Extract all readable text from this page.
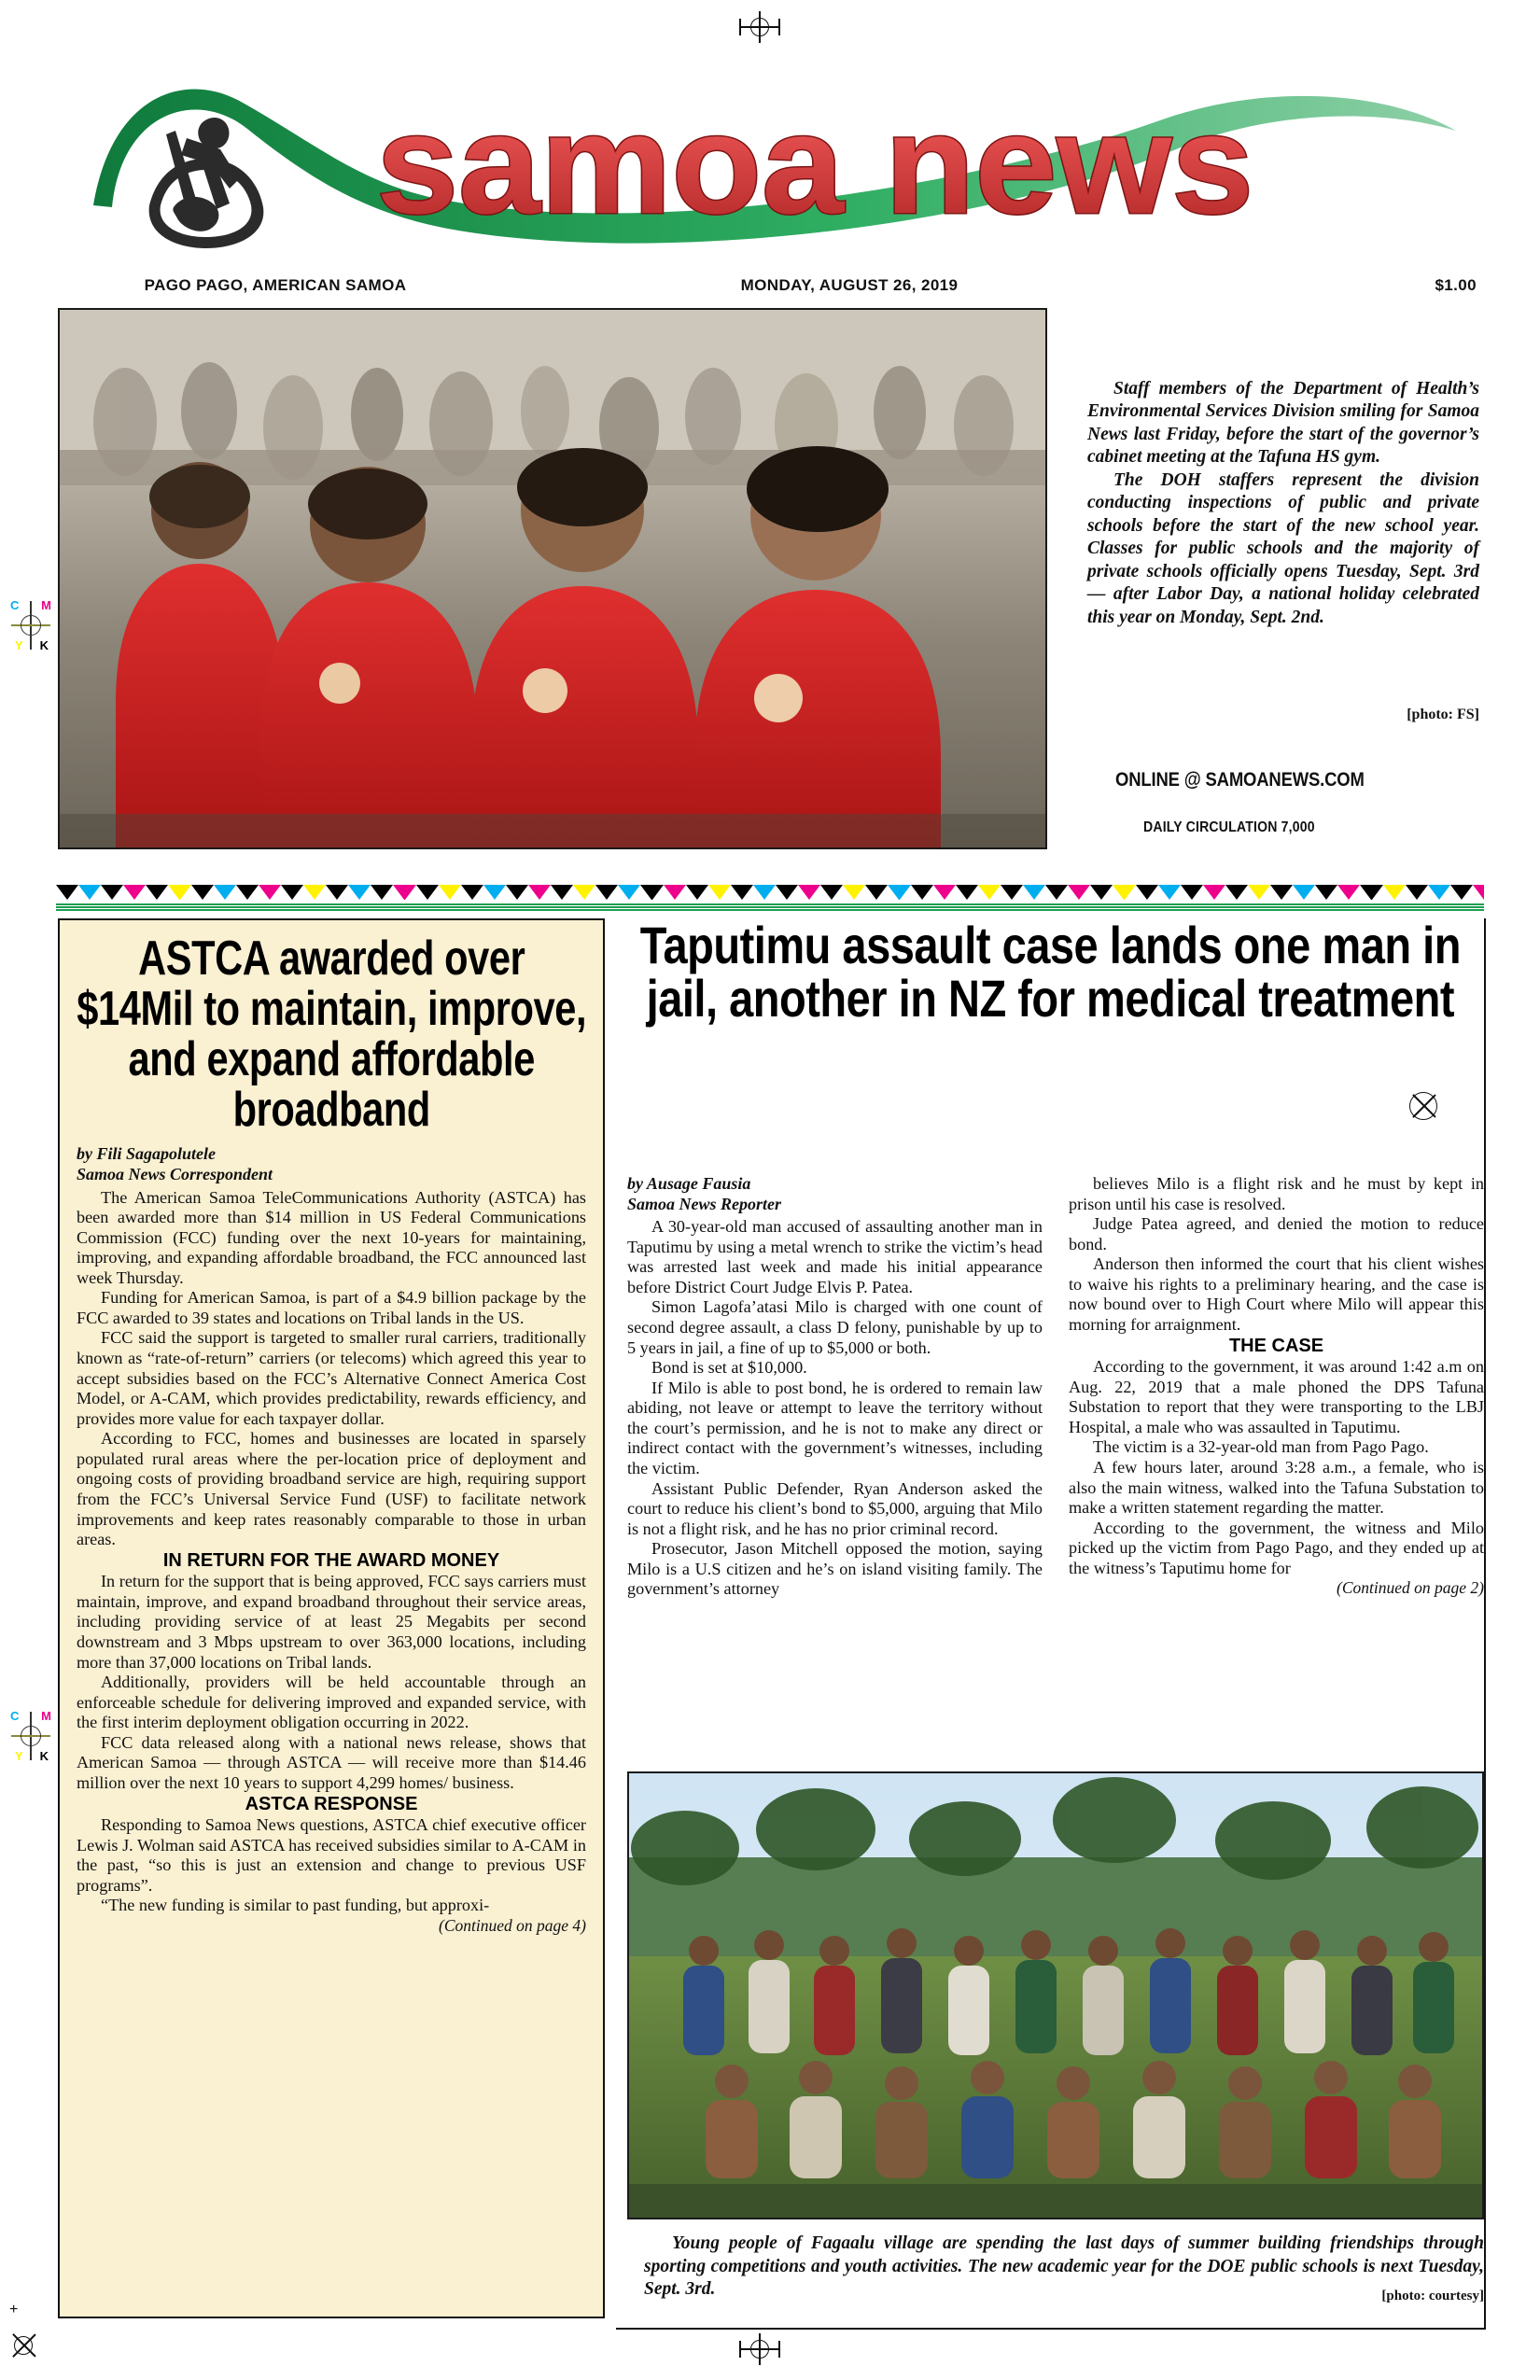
C M
Y K
C M
Y K
+
samoa news
PAGO PAGO, AMERICAN SAMOA	MONDAY, AUGUST 26, 2019	$1.00

Staff members of the Department of Health’s Environmental Services Division smiling for Samoa News last Friday, before the start of the governor’s cabinet meeting at the Tafuna HS gym.

The DOH staffers represent the division conducting inspections of public and private schools before the start of the new school year. Classes for public schools and the majority of private schools officially opens Tuesday, Sept. 3rd — after Labor Day, a national holiday celebrated this year on Monday, Sept. 2nd.

[photo: FS]
ONLINE @ SAMOANEWS.COM
DAILY CIRCULATION 7,000
ASTCA awarded over $14Mil to maintain, improve, and expand affordable broadband
by Fili Sagapolutele
Samoa News Correspondent

The American Samoa TeleCommunications Authority (ASTCA) has been awarded more than $14 million in US Federal Communications Commission (FCC) funding over the next 10-years for maintaining, improving, and expanding affordable broadband, the FCC announced last week Thursday.

Funding for American Samoa, is part of a $4.9 billion package by the FCC awarded to 39 states and locations on Tribal lands in the US.

FCC said the support is targeted to smaller rural carriers, traditionally known as “rate-of-return” carriers (or telecoms) which agreed this year to accept subsidies based on the FCC’s Alternative Connect America Cost Model, or A-CAM, which provides predictability, rewards efficiency, and provides more value for each taxpayer dollar.

According to FCC, homes and businesses are located in sparsely populated rural areas where the per-location price of deployment and ongoing costs of providing broadband service are high, requiring support from the FCC’s Universal Service Fund (USF) to facilitate network improvements and keep rates reasonably comparable to those in urban areas.

IN RETURN FOR THE AWARD MONEY

In return for the support that is being approved, FCC says carriers must maintain, improve, and expand broadband throughout their service areas, including providing service of at least 25 Megabits per second downstream and 3 Mbps upstream to over 363,000 locations, including more than 37,000 locations on Tribal lands.

Additionally, providers will be held accountable through an enforceable schedule for delivering improved and expanded service, with the first interim deployment obligation occurring in 2022.

FCC data released along with a national news release, shows that American Samoa — through ASTCA — will receive more than $14.46 million over the next 10 years to support 4,299 homes/ business.

ASTCA RESPONSE

Responding to Samoa News questions, ASTCA chief executive officer Lewis J. Wolman said ASTCA has received subsidies similar to A-CAM in the past, “so this is just an extension and change to previous USF programs”.

“The new funding is similar to past funding, but approxi-

(Continued on page 4)

Taputimu assault case lands one man in jail, another in NZ for medical treatment
by Ausage Fausia
Samoa News Reporter

A 30-year-old man accused of assaulting another man in Taputimu by using a metal wrench to strike the victim’s head was arrested last week and made his initial appearance before District Court Judge Elvis P. Patea.

Simon Lagofa’atasi Milo is charged with one count of second degree assault, a class D felony, punishable by up to 5 years in jail, a fine of up to $5,000 or both.

Bond is set at $10,000.

If Milo is able to post bond, he is ordered to remain law abiding, not leave or attempt to leave the territory without the court’s permission, and he is not to make any direct or indirect contact with the government’s witnesses, including the victim.

Assistant Public Defender, Ryan Anderson asked the court to reduce his client’s bond to $5,000, arguing that Milo is not a flight risk, and he has no prior criminal record.

Prosecutor, Jason Mitchell opposed the motion, saying Milo is a U.S citizen and he’s on island visiting family. The government’s attorney

believes Milo is a flight risk and he must by kept in prison until his case is resolved.

Judge Patea agreed, and denied the motion to reduce bond.

Anderson then informed the court that his client wishes to waive his rights to a preliminary hearing, and the case is now bound over to High Court where Milo will appear this morning for arraignment.

THE CASE

According to the government, it was around 1:42 a.m on Aug. 22, 2019 that a male phoned the DPS Tafuna Substation to report that they were transporting to the LBJ Hospital, a male who was assaulted in Taputimu.

The victim is a 32-year-old man from Pago Pago.

A few hours later, around 3:28 a.m., a female, who is also the main witness, walked into the Tafuna Substation to make a written statement regarding the matter.

According to the government, the witness and Milo picked up the victim from Pago Pago, and they ended up at the witness’s Taputimu home for

(Continued on page 2)

Young people of Fagaalu village are spending the last days of summer building friendships through sporting competitions and youth activities. The new academic year for the DOE public schools is next Tuesday, Sept. 3rd.	[photo: courtesy]
